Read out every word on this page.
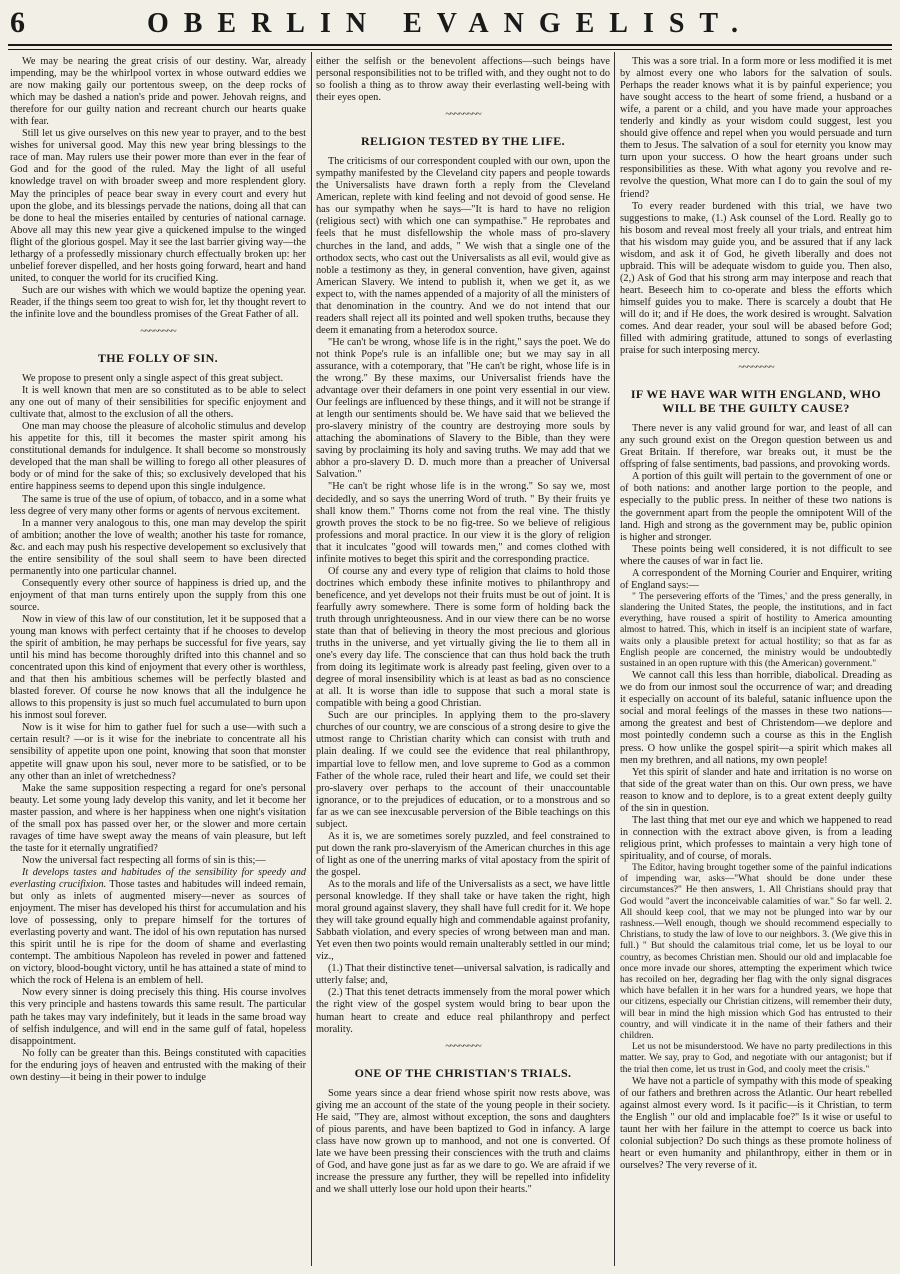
6	OBERLIN EVANGELIST.

We may be nearing the great crisis of our destiny. War, already impending, may be the whirlpool vortex in whose outward eddies we are now making gaily our portentous sweep, on the deep rocks of which may be dashed a nation's pride and power. Jehovah reigns, and therefore for our guilty nation and recreant church our hearts quake with fear.

Still let us give ourselves on this new year to prayer, and to the best wishes for universal good. May this new year bring blessings to the race of man. May rulers use their power more than ever in the fear of God and for the good of the ruled. May the light of all useful knowledge travel on with broader sweep and more resplendent glory. May the principles of peace bear sway in every court and every hut upon the globe, and its blessings pervade the nations, doing all that can be done to heal the miseries entailed by centuries of national carnage. Above all may this new year give a quickened impulse to the winged flight of the glorious gospel. May it see the last barrier giving way—the lethargy of a professedly missionary church effectually broken up: her unbelief forever dispelled, and her hosts going forward, heart and hand united, to conquer the world for its crucified King.

Such are our wishes with which we would baptize the opening year. Reader, if the things seem too great to wish for, let thy thought revert to the infinite love and the boundless promises of the Great Father of all.

~~~~~~~~
THE FOLLY OF SIN.

We propose to present only a single aspect of this great subject.

It is well known that men are so constituted as to be able to select any one out of many of their sensibilities for specific enjoyment and cultivate that, almost to the exclusion of all the others.

One man may choose the pleasure of alcoholic stimulus and develop his appetite for this, till it becomes the master spirit among his constitutional demands for indulgence. It shall become so monstrously developed that the man shall be willing to forego all other pleasures of body or of mind for the sake of this; so exclusively developed that his entire happiness seems to depend upon this single indulgence.

The same is true of the use of opium, of tobacco, and in a some what less degree of very many other forms or agents of nervous excitement.

In a manner very analogous to this, one man may develop the spirit of ambition; another the love of wealth; another his taste for romance, &c. and each may push his respective developement so exclusively that the entire sensibility of the soul shall seem to have been directed permanently into one particular channel.

Consequently every other source of happiness is dried up, and the enjoyment of that man turns entirely upon the supply from this one source.

Now in view of this law of our constitution, let it be supposed that a young man knows with perfect certainty that if he chooses to develop the spirit of ambition, he may perhaps be successful for five years, say until his mind has become thoroughly drifted into this channel and so concentrated upon this kind of enjoyment that every other is worthless, and that then his ambitious schemes will be perfectly blasted and blasted forever. Of course he now knows that all the indulgence he allows to this propensity is just so much fuel accumulated to burn upon his inmost soul forever.

Now is it wise for him to gather fuel for such a use—with such a certain result? —or is it wise for the inebriate to concentrate all his sensibility of appetite upon one point, knowing that soon that monster appetite will gnaw upon his soul, never more to be satisfied, or to be any other than an inlet of wretchedness?

Make the same supposition respecting a regard for one's personal beauty. Let some young lady develop this vanity, and let it become her master passion, and where is her happiness when one night's visitation of the small pox has passed over her, or the slower and more certain ravages of time have swept away the means of vain pleasure, but left the taste for it eternally ungratified?

Now the universal fact respecting all forms of sin is this;—

It develops tastes and habitudes of the sensibility for speedy and everlasting crucifixion. Those tastes and habitudes will indeed remain, but only as inlets of augmented misery—never as sources of enjoyment. The miser has developed his thirst for accumulation and his love of possessing, only to prepare himself for the tortures of everlasting poverty and want. The idol of his own reputation has nursed this spirit until he is ripe for the doom of shame and everlasting contempt. The ambitious Napoleon has reveled in power and fattened on victory, blood-bought victory, until he has attained a state of mind to which the rock of Helena is an emblem of hell.

Now every sinner is doing precisely this thing. His course involves this very principle and hastens towards this same result. The particular path he takes may vary indefinitely, but it leads in the same broad way of selfish indulgence, and will end in the same gulf of fatal, hopeless disappointment.

No folly can be greater than this. Beings constituted with capacities for the enduring joys of heaven and entrusted with the making of their own destiny—it being in their power to indulge

either the selfish or the benevolent affections—such beings have personal responsibilities not to be trifled with, and they ought not to do so foolish a thing as to throw away their everlasting well-being with their eyes open.

~~~~~~~~
RELIGION TESTED BY THE LIFE.

The criticisms of our correspondent coupled with our own, upon the sympathy manifested by the Cleveland city papers and people towards the Universalists have drawn forth a reply from the Cleveland American, replete with kind feeling and not devoid of good sense. He has our sympathy when he says—"It is hard to have no religion (religious sect) with which one can sympathise." He reprobates and feels that he must disfellowship the whole mass of pro-slavery churches in the land, and adds, " We wish that a single one of the orthodox sects, who cast out the Universalists as all evil, would give as noble a testimony as they, in general convention, have given, against American Slavery. We intend to publish it, when we get it, as we expect to, with the names appended of a majority of all the ministers of that denomination in the country. And we do not intend that our readers shall reject all its pointed and well spoken truths, because they deem it emanating from a heterodox source.

"He can't be wrong, whose life is in the right," says the poet. We do not think Pope's rule is an infallible one; but we may say in all assurance, with a cotemporary, that "He can't be right, whose life is in the wrong." By these maxims, our Universalist friends have the advantage over their defamers in one point very essential in our view. Our feelings are influenced by these things, and it will not be strange if at length our sentiments should be. We have said that we believed the pro-slavery ministry of the country are destroying more souls by attaching the abominations of Slavery to the Bible, than they were saving by proclaiming its holy and saving truths. We may add that we abhor a pro-slavery D. D. much more than a preacher of Universal Salvation."

"He can't be right whose life is in the wrong." So say we, most decidedly, and so says the unerring Word of truth. " By their fruits ye shall know them." Thorns come not from the real vine. The thistly growth proves the stock to be no fig-tree. So we believe of religious professions and moral practice. In our view it is the glory of religion that it inculcates "good will towards men," and comes clothed with infinite motives to beget this spirit and the corresponding practice.

Of course any and every type of religion that claims to hold those doctrines which embody these infinite motives to philanthropy and beneficence, and yet develops not their fruits must be out of joint. It is fearfully awry somewhere. There is some form of holding back the truth through unrighteousness. And in our view there can be no worse state than that of believing in theory the most precious and glorious truths in the universe, and yet virtually giving the lie to them all in one's every day life. The conscience that can thus hold back the truth from doing its legitimate work is already past feeling, given over to a degree of moral insensibility which is at least as bad as no conscience at all. It is worse than idle to suppose that such a moral state is compatible with being a good Christian.

Such are our principles. In applying them to the pro-slavery churches of our country, we are conscious of a strong desire to give the utmost range to Christian charity which can consist with truth and plain dealing. If we could see the evidence that real philanthropy, impartial love to fellow men, and love supreme to God as a common Father of the whole race, ruled their heart and life, we could set their pro-slavery over perhaps to the account of their unaccountable ignorance, or to the prejudices of education, or to a monstrous and so far as we can see inexcusable perversion of the Bible teachings on this subject.

As it is, we are sometimes sorely puzzled, and feel constrained to put down the rank pro-slaveryism of the American churches in this age of light as one of the unerring marks of vital apostacy from the spirit of the gospel.

As to the morals and life of the Universalists as a sect, we have little personal knowledge. If they shall take or have taken the right, high moral ground against slavery, they shall have full credit for it. We hope they will take ground equally high and commendable against profanity, Sabbath violation, and every species of wrong between man and man. Yet even then two points would remain unalterably settled in our mind; viz.,

(1.) That their distinctive tenet—universal salvation, is radically and utterly false; and,

(2.) That this tenet detracts immensely from the moral power which the right view of the gospel system would bring to bear upon the human heart to create and educe real philanthropy and perfect morality.

~~~~~~~~
ONE OF THE CHRISTIAN'S TRIALS.

Some years since a dear friend whose spirit now rests above, was giving me an account of the state of the young people in their society. He said, "They are, almost without exception, the sons and daughters of pious parents, and have been baptized to God in infancy. A large class have now grown up to manhood, and not one is converted. Of late we have been pressing their consciences with the truth and claims of God, and have gone just as far as we dare to go. We are afraid if we increase the pressure any further, they will be repelled into infidelity and we shall utterly lose our hold upon their hearts."

This was a sore trial. In a form more or less modified it is met by almost every one who labors for the salvation of souls. Perhaps the reader knows what it is by painful experience; you have sought access to the heart of some friend, a husband or a wife, a parent or a child, and you have made your approaches tenderly and kindly as your wisdom could suggest, lest you should give offence and repel when you would persuade and turn them to Jesus. The salvation of a soul for eternity you know may turn upon your success. O how the heart groans under such responsibilities as these. With what agony you revolve and re-revolve the question, What more can I do to gain the soul of my friend?

To every reader burdened with this trial, we have two suggestions to make, (1.) Ask counsel of the Lord. Really go to his bosom and reveal most freely all your trials, and entreat him that his wisdom may guide you, and be assured that if any lack wisdom, and ask it of God, he giveth liberally and does not upbraid. This will be adequate wisdom to guide you. Then also, (2,) Ask of God that his strong arm may interpose and reach that heart. Beseech him to co-operate and bless the efforts which himself guides you to make. There is scarcely a doubt that He will do it; and if He does, the work desired is wrought. Salvation comes. And dear reader, your soul will be abased before God; filled with admiring gratitude, attuned to songs of everlasting praise for such interposing mercy.

~~~~~~~~
IF WE HAVE WAR WITH ENGLAND, WHO WILL BE THE GUILTY CAUSE?

There never is any valid ground for war, and least of all can any such ground exist on the Oregon question between us and Great Britain. If therefore, war breaks out, it must be the offspring of false sentiments, bad passions, and provoking words.

A portion of this guilt will pertain to the government of one or of both nations: and another large portion to the people, and especially to the public press. In neither of these two nations is the government apart from the people the omnipotent Will of the land. High and strong as the government may be, public opinion is higher and stronger.

These points being well considered, it is not difficult to see where the causes of war in fact lie.

A correspondent of the Morning Courier and Enquirer, writing of England says:—

" The persevering efforts of the 'Times,' and the press generally, in slandering the United States, the people, the institutions, and in fact everything, have roused a spirit of hostility to America amounting almost to hatred. This, which in itself is an incipient state of warfare, waits only a plausible pretext for actual hostility; so that as far as English people are concerned, the ministry would be undoubtedly sustained in an open rupture with this (the American) government."

We cannot call this less than horrible, diabolical. Dreading as we do from our inmost soul the occurrence of war; and dreading it especially on account of its baleful, satanic influence upon the social and moral feelings of the masses in these two nations—among the greatest and best of Christendom—we deplore and most pointedly condemn such a course as this in the English press. O how unlike the gospel spirit—a spirit which makes all men my brethren, and all nations, my own people!

Yet this spirit of slander and hate and irritation is no worse on that side of the great water than on this. Our own press, we have reason to know and to deplore, is to a great extent deeply guilty of the sin in question.

The last thing that met our eye and which we happened to read in connection with the extract above given, is from a leading religious print, which professes to maintain a very high tone of spirituality, and of course, of morals.

The Editor, having brought together some of the painful indications of impending war, asks—"What should be done under these circumstances?" He then answers, 1. All Christians should pray that God would "avert the inconceivable calamities of war." So far well. 2. All should keep cool, that we may not be plunged into war by our rashness.—Well enough, though we should recommend especially to Christians, to study the law of love to our neighbors. 3. (We give this in full.) " But should the calamitous trial come, let us be loyal to our country, as becomes Christian men. Should our old and implacable foe once more invade our shores, attempting the experiment which twice has recoiled on her, degrading her flag with the only signal disgraces which have befallen it in her wars for a hundred years, we hope that our citizens, especially our Christian citizens, will remember their duty, will bear in mind the high mission which God has entrusted to their country, and will vindicate it in the name of their fathers and their children.

Let us not be misunderstood. We have no party predilections in this matter. We say, pray to God, and negotiate with our antagonist; but if the trial then come, let us trust in God, and cooly meet the crisis."

We have not a particle of sympathy with this mode of speaking of our fathers and brethren across the Atlantic. Our heart rebelled against almost every word. Is it pacific—is it Christian, to term the English " our old and implacable foe?" Is it wise or useful to taunt her with her failure in the attempt to coerce us back into colonial subjection? Do such things as these promote holiness of heart or even humanity and philanthropy, either in them or in ourselves? The very reverse of it.
